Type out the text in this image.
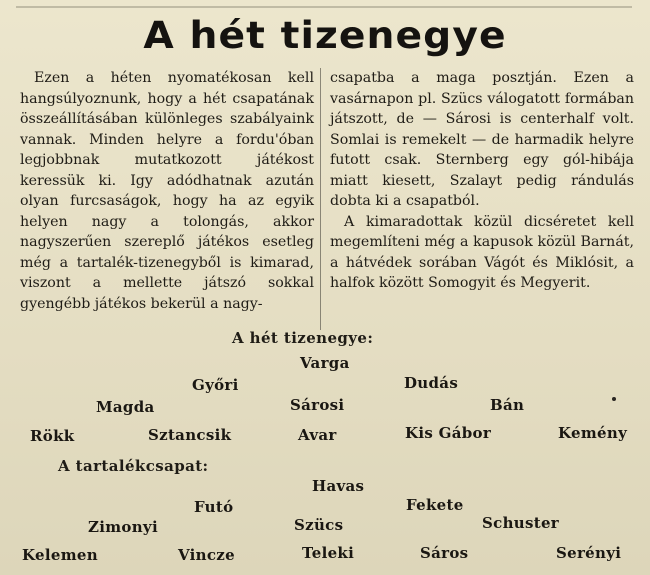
A hét tizenegye

Ezen a héten nyomatékosan kell hangsúlyoznunk, hogy a hét csapatának összeállításában különleges szabályaink vannak. Minden helyre a fordu'óban legjobbnak mutatkozott játékost keressük ki. Igy adódhatnak azután olyan furcsaságok, hogy ha az egyik helyen nagy a tolongás, akkor nagyszerűen szereplő játékos esetleg még a tartalék-tizenegyből is kimarad, viszont a mellette játszó sokkal gyengébb játékos bekerül a nagy-

csapatba a maga posztján. Ezen a vasárnapon pl. Szücs válogatott formában játszott, de — Sárosi is centerhalf volt. Somlai is remekelt — de harmadik helyre futott csak. Sternberg egy gól-hibája miatt kiesett, Szalayt pedig rándulás dobta ki a csapatból.

A kimaradottak közül dicséretet kell megemlíteni még a kapusok közül Barnát, a hátvédek sorában Vágót és Miklósit, a halfok között Somogyit és Megyerit.

A hét tizenegye:
Varga
Győri	Dudás
Magda	Sárosi	Bán
Rökk	Sztancsik	Avar	Kis Gábor	Kemény
A tartalékcsapat:
Havas
Futó	Fekete
Zimonyi	Szücs	Schuster
Kelemen	Vincze	Teleki	Sáros	Serényi
